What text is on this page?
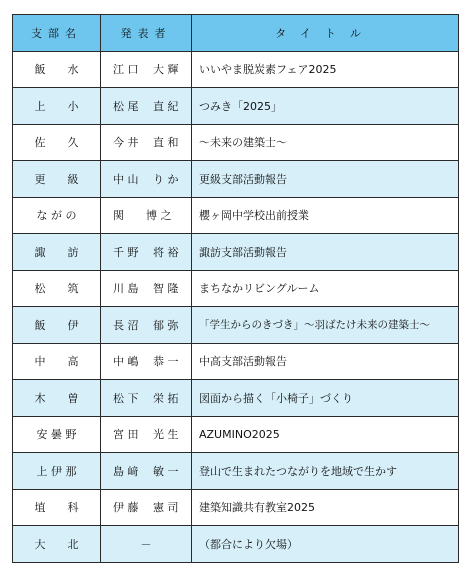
支部名	発表者	タイトル
飯　　水	江 口　 大 輝	いいやま脱炭素フェア2025
上　　小	松 尾　 直 紀	つみき「2025」
佐　　久	今 井　 直 和	～未来の建築士～
更　　級	中 山　 り か	更級支部活動報告
な が の	関　　博 之	櫻ヶ岡中学校出前授業
諏　　訪	千 野　 将 裕	諏訪支部活動報告
松　　筑	川 島　 智 隆	まちなかリビングルーム
飯　　伊	長 沼　 郁 弥	「学生からのきづき」～羽ばたけ未来の建築士～
中　　高	中 嶋　 恭 一	中高支部活動報告
木　　曽	松 下　 栄 拓	図面から描く「小椅子」づくり
安 曇 野	宮 田　 光 生	AZUMINO2025
上 伊 那	島 﨑　 敏 一	登山で生まれたつながりを地域で生かす
埴　　科	伊 藤　 憲 司	建築知識共有教室2025
大　　北	－	（都合により欠場）
